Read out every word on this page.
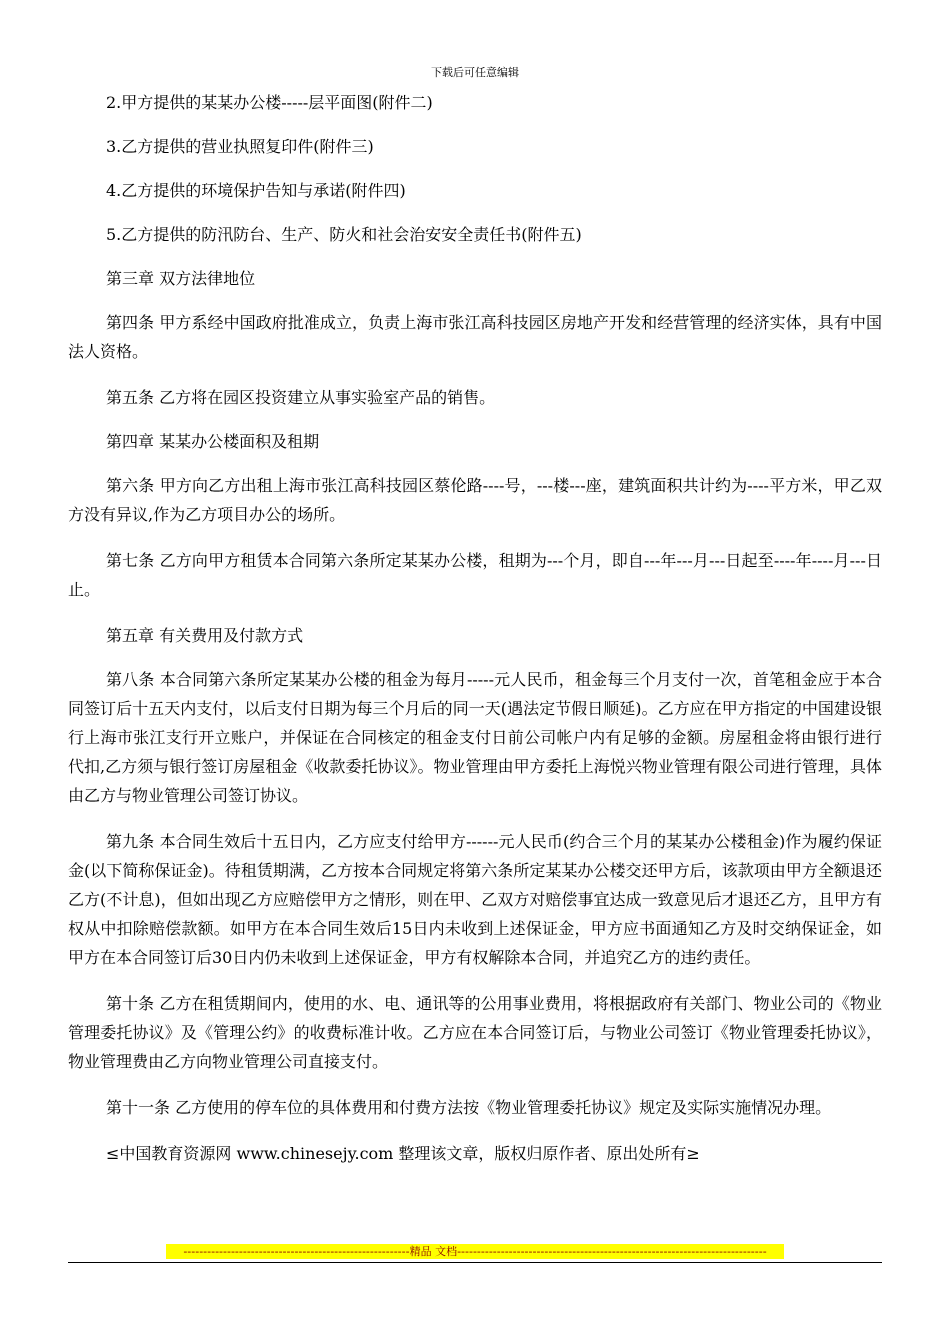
下载后可任意编辑

2.甲方提供的某某办公楼-----层平面图(附件二)

3.乙方提供的营业执照复印件(附件三)

4.乙方提供的环境保护告知与承诺(附件四)

5.乙方提供的防汛防台、生产、防火和社会治安安全责任书(附件五)

第三章 双方法律地位

第四条 甲方系经中国政府批准成立，负责上海市张江高科技园区房地产开发和经营管理的经济实体，具有中国法人资格。

第五条 乙方将在园区投资建立从事实验室产品的销售。

第四章 某某办公楼面积及租期

第六条 甲方向乙方出租上海市张江高科技园区蔡伦路----号，---楼---座，建筑面积共计约为----平方米，甲乙双方没有异议,作为乙方项目办公的场所。

第七条 乙方向甲方租赁本合同第六条所定某某办公楼，租期为---个月，即自---年---月---日起至----年----月---日止。

第五章 有关费用及付款方式

第八条 本合同第六条所定某某办公楼的租金为每月-----元人民币，租金每三个月支付一次，首笔租金应于本合同签订后十五天内支付，以后支付日期为每三个月后的同一天(遇法定节假日顺延)。乙方应在甲方指定的中国建设银行上海市张江支行开立账户，并保证在合同核定的租金支付日前公司帐户内有足够的金额。房屋租金将由银行进行代扣,乙方须与银行签订房屋租金《收款委托协议》。物业管理由甲方委托上海悦兴物业管理有限公司进行管理，具体由乙方与物业管理公司签订协议。

第九条 本合同生效后十五日内，乙方应支付给甲方------元人民币(约合三个月的某某办公楼租金)作为履约保证金(以下简称保证金)。待租赁期满，乙方按本合同规定将第六条所定某某办公楼交还甲方后，该款项由甲方全额退还乙方(不计息)，但如出现乙方应赔偿甲方之情形，则在甲、乙双方对赔偿事宜达成一致意见后才退还乙方，且甲方有权从中扣除赔偿款额。如甲方在本合同生效后15日内未收到上述保证金，甲方应书面通知乙方及时交纳保证金，如甲方在本合同签订后30日内仍未收到上述保证金，甲方有权解除本合同，并追究乙方的违约责任。

第十条 乙方在租赁期间内，使用的水、电、通讯等的公用事业费用，将根据政府有关部门、物业公司的《物业管理委托协议》及《管理公约》的收费标准计收。乙方应在本合同签订后，与物业公司签订《物业管理委托协议》，物业管理费由乙方向物业管理公司直接支付。

第十一条 乙方使用的停车位的具体费用和付费方法按《物业管理委托协议》规定及实际实施情况办理。

≤中国教育资源网 www.chinesejy.com 整理该文章，版权归原作者、原出处所有≥

---------------------------------------------------------精品 文档------------------------------------------------------------------------------
